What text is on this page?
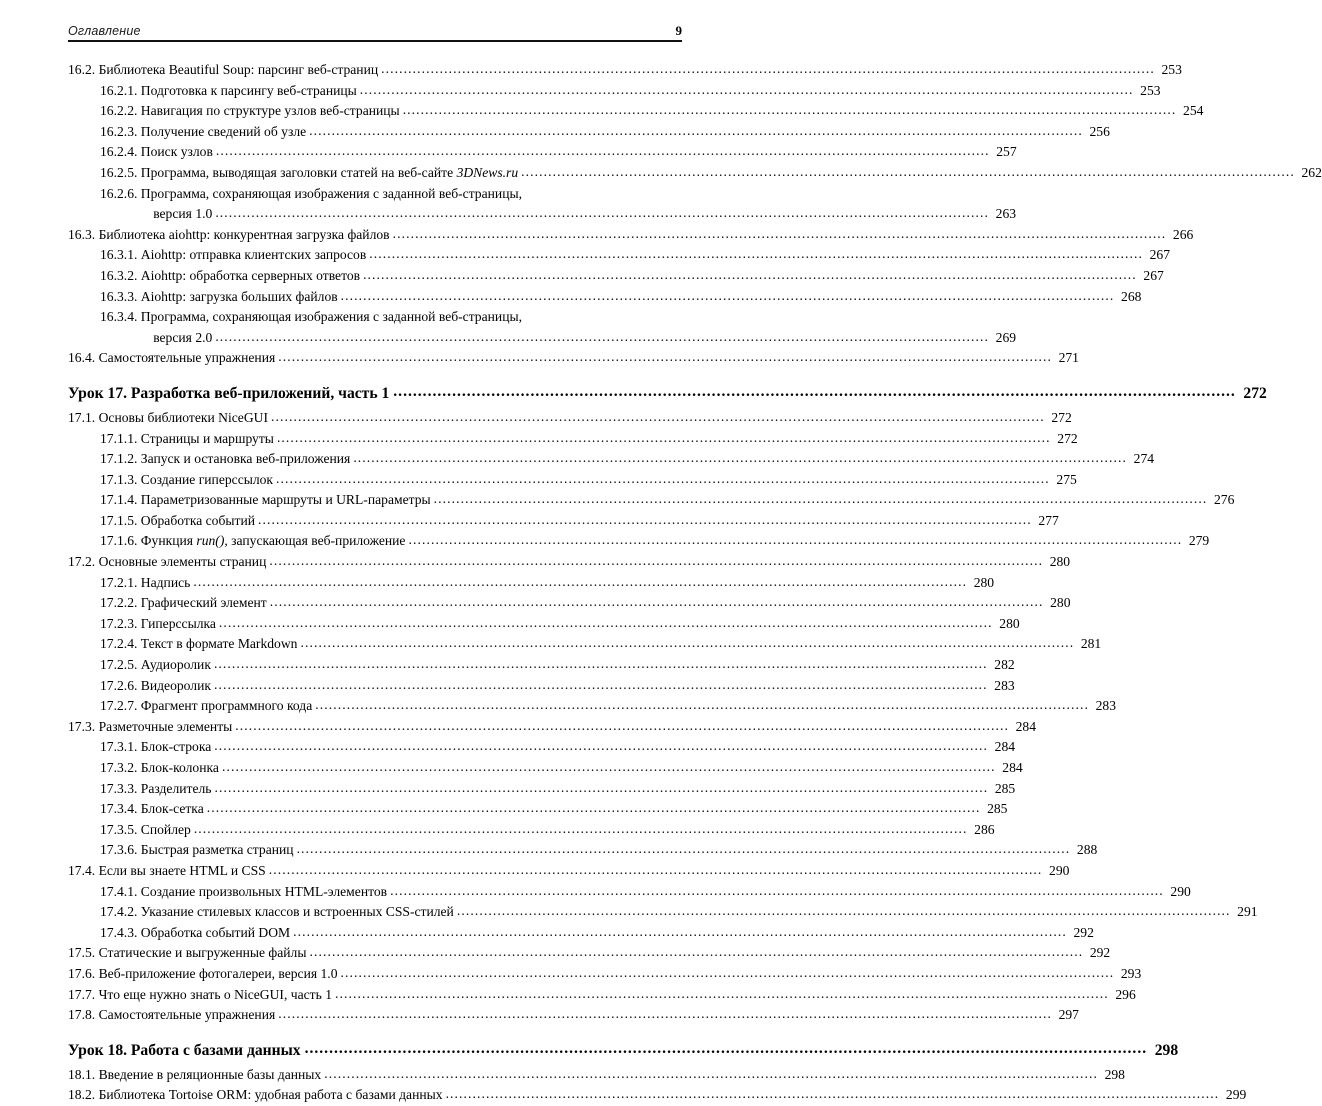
Оглавление	9
16.2. Библиотека Beautiful Soup: парсинг веб-страниц .....	253
16.2.1. Подготовка к парсингу веб-страницы .....	253
16.2.2. Навигация по структуре узлов веб-страницы .....	254
16.2.3. Получение сведений об узле .....	256
16.2.4. Поиск узлов .....	257
16.2.5. Программа, выводящая заголовки статей на веб-сайте 3DNews.ru .....	262
16.2.6. Программа, сохраняющая изображения с заданной веб-страницы,
версия 1.0 .....	263
16.3. Библиотека aiohttp: конкурентная загрузка файлов .....	266
16.3.1. Aiohttp: отправка клиентских запросов .....	267
16.3.2. Aiohttp: обработка серверных ответов .....	267
16.3.3. Aiohttp: загрузка больших файлов .....	268
16.3.4. Программа, сохраняющая изображения с заданной веб-страницы,
версия 2.0 .....	269
16.4. Самостоятельные упражнения .....	271
Урок 17. Разработка веб-приложений, часть 1 .....	272
17.1. Основы библиотеки NiceGUI .....	272
17.1.1. Страницы и маршруты .....	272
17.1.2. Запуск и остановка веб-приложения .....	274
17.1.3. Создание гиперссылок .....	275
17.1.4. Параметризованные маршруты и URL-параметры .....	276
17.1.5. Обработка событий .....	277
17.1.6. Функция run(), запускающая веб-приложение .....	279
17.2. Основные элементы страниц .....	280
17.2.1. Надпись .....	280
17.2.2. Графический элемент .....	280
17.2.3. Гиперссылка .....	280
17.2.4. Текст в формате Markdown .....	281
17.2.5. Аудиоролик .....	282
17.2.6. Видеоролик .....	283
17.2.7. Фрагмент программного кода .....	283
17.3. Разметочные элементы .....	284
17.3.1. Блок-строка .....	284
17.3.2. Блок-колонка .....	284
17.3.3. Разделитель .....	285
17.3.4. Блок-сетка .....	285
17.3.5. Спойлер .....	286
17.3.6. Быстрая разметка страниц .....	288
17.4. Если вы знаете HTML и CSS .....	290
17.4.1. Создание произвольных HTML-элементов .....	290
17.4.2. Указание стилевых классов и встроенных CSS-стилей .....	291
17.4.3. Обработка событий DOM .....	292
17.5. Статические и выгруженные файлы .....	292
17.6. Веб-приложение фотогалереи, версия 1.0 .....	293
17.7. Что еще нужно знать о NiceGUI, часть 1 .....	296
17.8. Самостоятельные упражнения .....	297
Урок 18. Работа с базами данных .....	298
18.1. Введение в реляционные базы данных .....	298
18.2. Библиотека Tortoise ORM: удобная работа с базами данных .....	299
